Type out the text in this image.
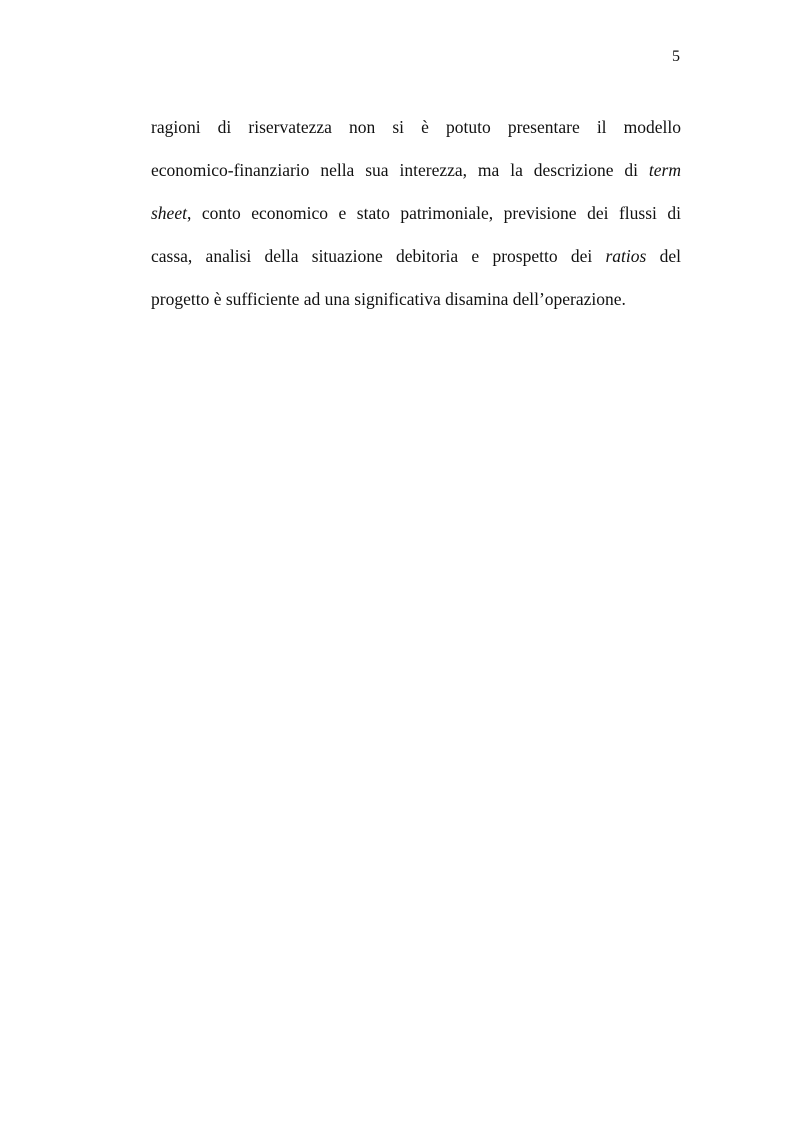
5
ragioni di riservatezza non si è potuto presentare il modello
economico-finanziario nella sua interezza, ma la descrizione di term
sheet, conto economico e stato patrimoniale, previsione dei flussi di
cassa, analisi della situazione debitoria e prospetto dei ratios del
progetto è sufficiente ad una significativa disamina dell’operazione.
